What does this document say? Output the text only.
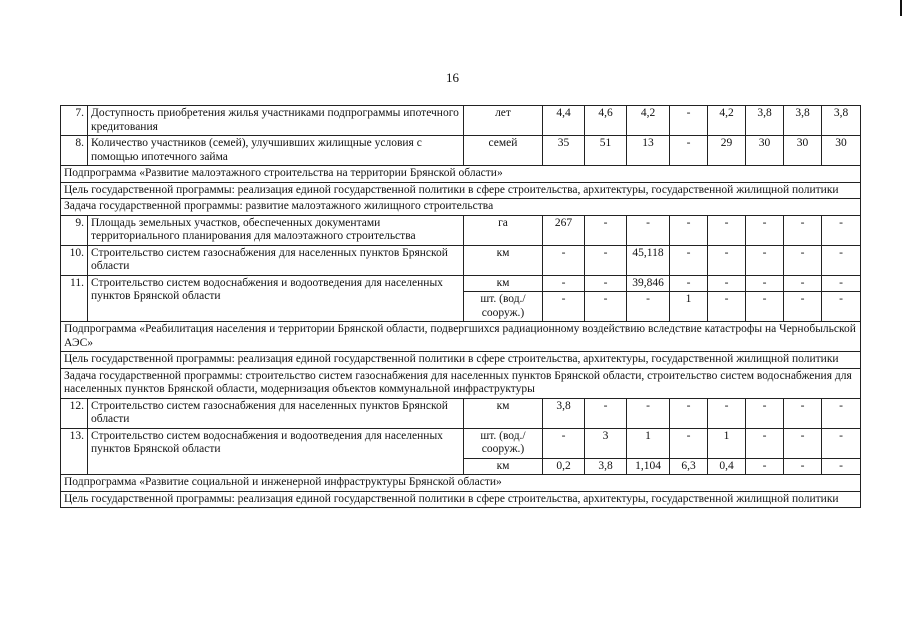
16
7.	Доступность приобретения жилья участниками подпрограммы ипотечного кредитования	лет	4,4	4,6	4,2	-	4,2	3,8	3,8	3,8
8.	Количество участников (семей), улучшивших жилищные условия с помощью ипотечного займа	семей	35	51	13	-	29	30	30	30
Подпрограмма «Развитие малоэтажного строительства на территории Брянской области»										
Цель государственной программы: реализация единой государственной политики в сфере строительства, архитектуры, государственной жилищной политики										
Задача государственной программы: развитие малоэтажного жилищного строительства										
9.	Площадь земельных участков, обеспеченных документами территориального планирования для малоэтажного строительства	га	267	-	-	-	-	-	-	-
10.	Строительство систем газоснабжения для населенных пунктов Брянской области	км	-	-	45,118	-	-	-	-	-
11.	Строительство систем водоснабжения и водоотведения для населенных пунктов Брянской области	км	-	-	39,846	-	-	-	-	-
		шт. (вод./ сооруж.)	-	-	-	1	-	-	-	-
Подпрограмма «Реабилитация населения и территории Брянской области, подвергшихся радиационному воздействию вследствие катастрофы на Чернобыльской АЭС»										
Цель государственной программы: реализация единой государственной политики в сфере строительства, архитектуры, государственной жилищной политики										
Задача государственной программы: строительство систем газоснабжения для населенных пунктов Брянской области, строительство систем водоснабжения для населенных пунктов Брянской области, модернизация объектов коммунальной инфраструктуры										
12.	Строительство систем газоснабжения для населенных пунктов Брянской области	км	3,8	-	-	-	-	-	-	-
13.	Строительство систем водоснабжения и водоотведения для населенных пунктов Брянской области	шт. (вод./ сооруж.)	-	3	1	-	1	-	-	-
		км	0,2	3,8	1,104	6,3	0,4	-	-	-
Подпрограмма «Развитие социальной и инженерной инфраструктуры Брянской области»										
Цель государственной программы: реализация единой государственной политики в сфере строительства, архитектуры, государственной жилищной политики										
